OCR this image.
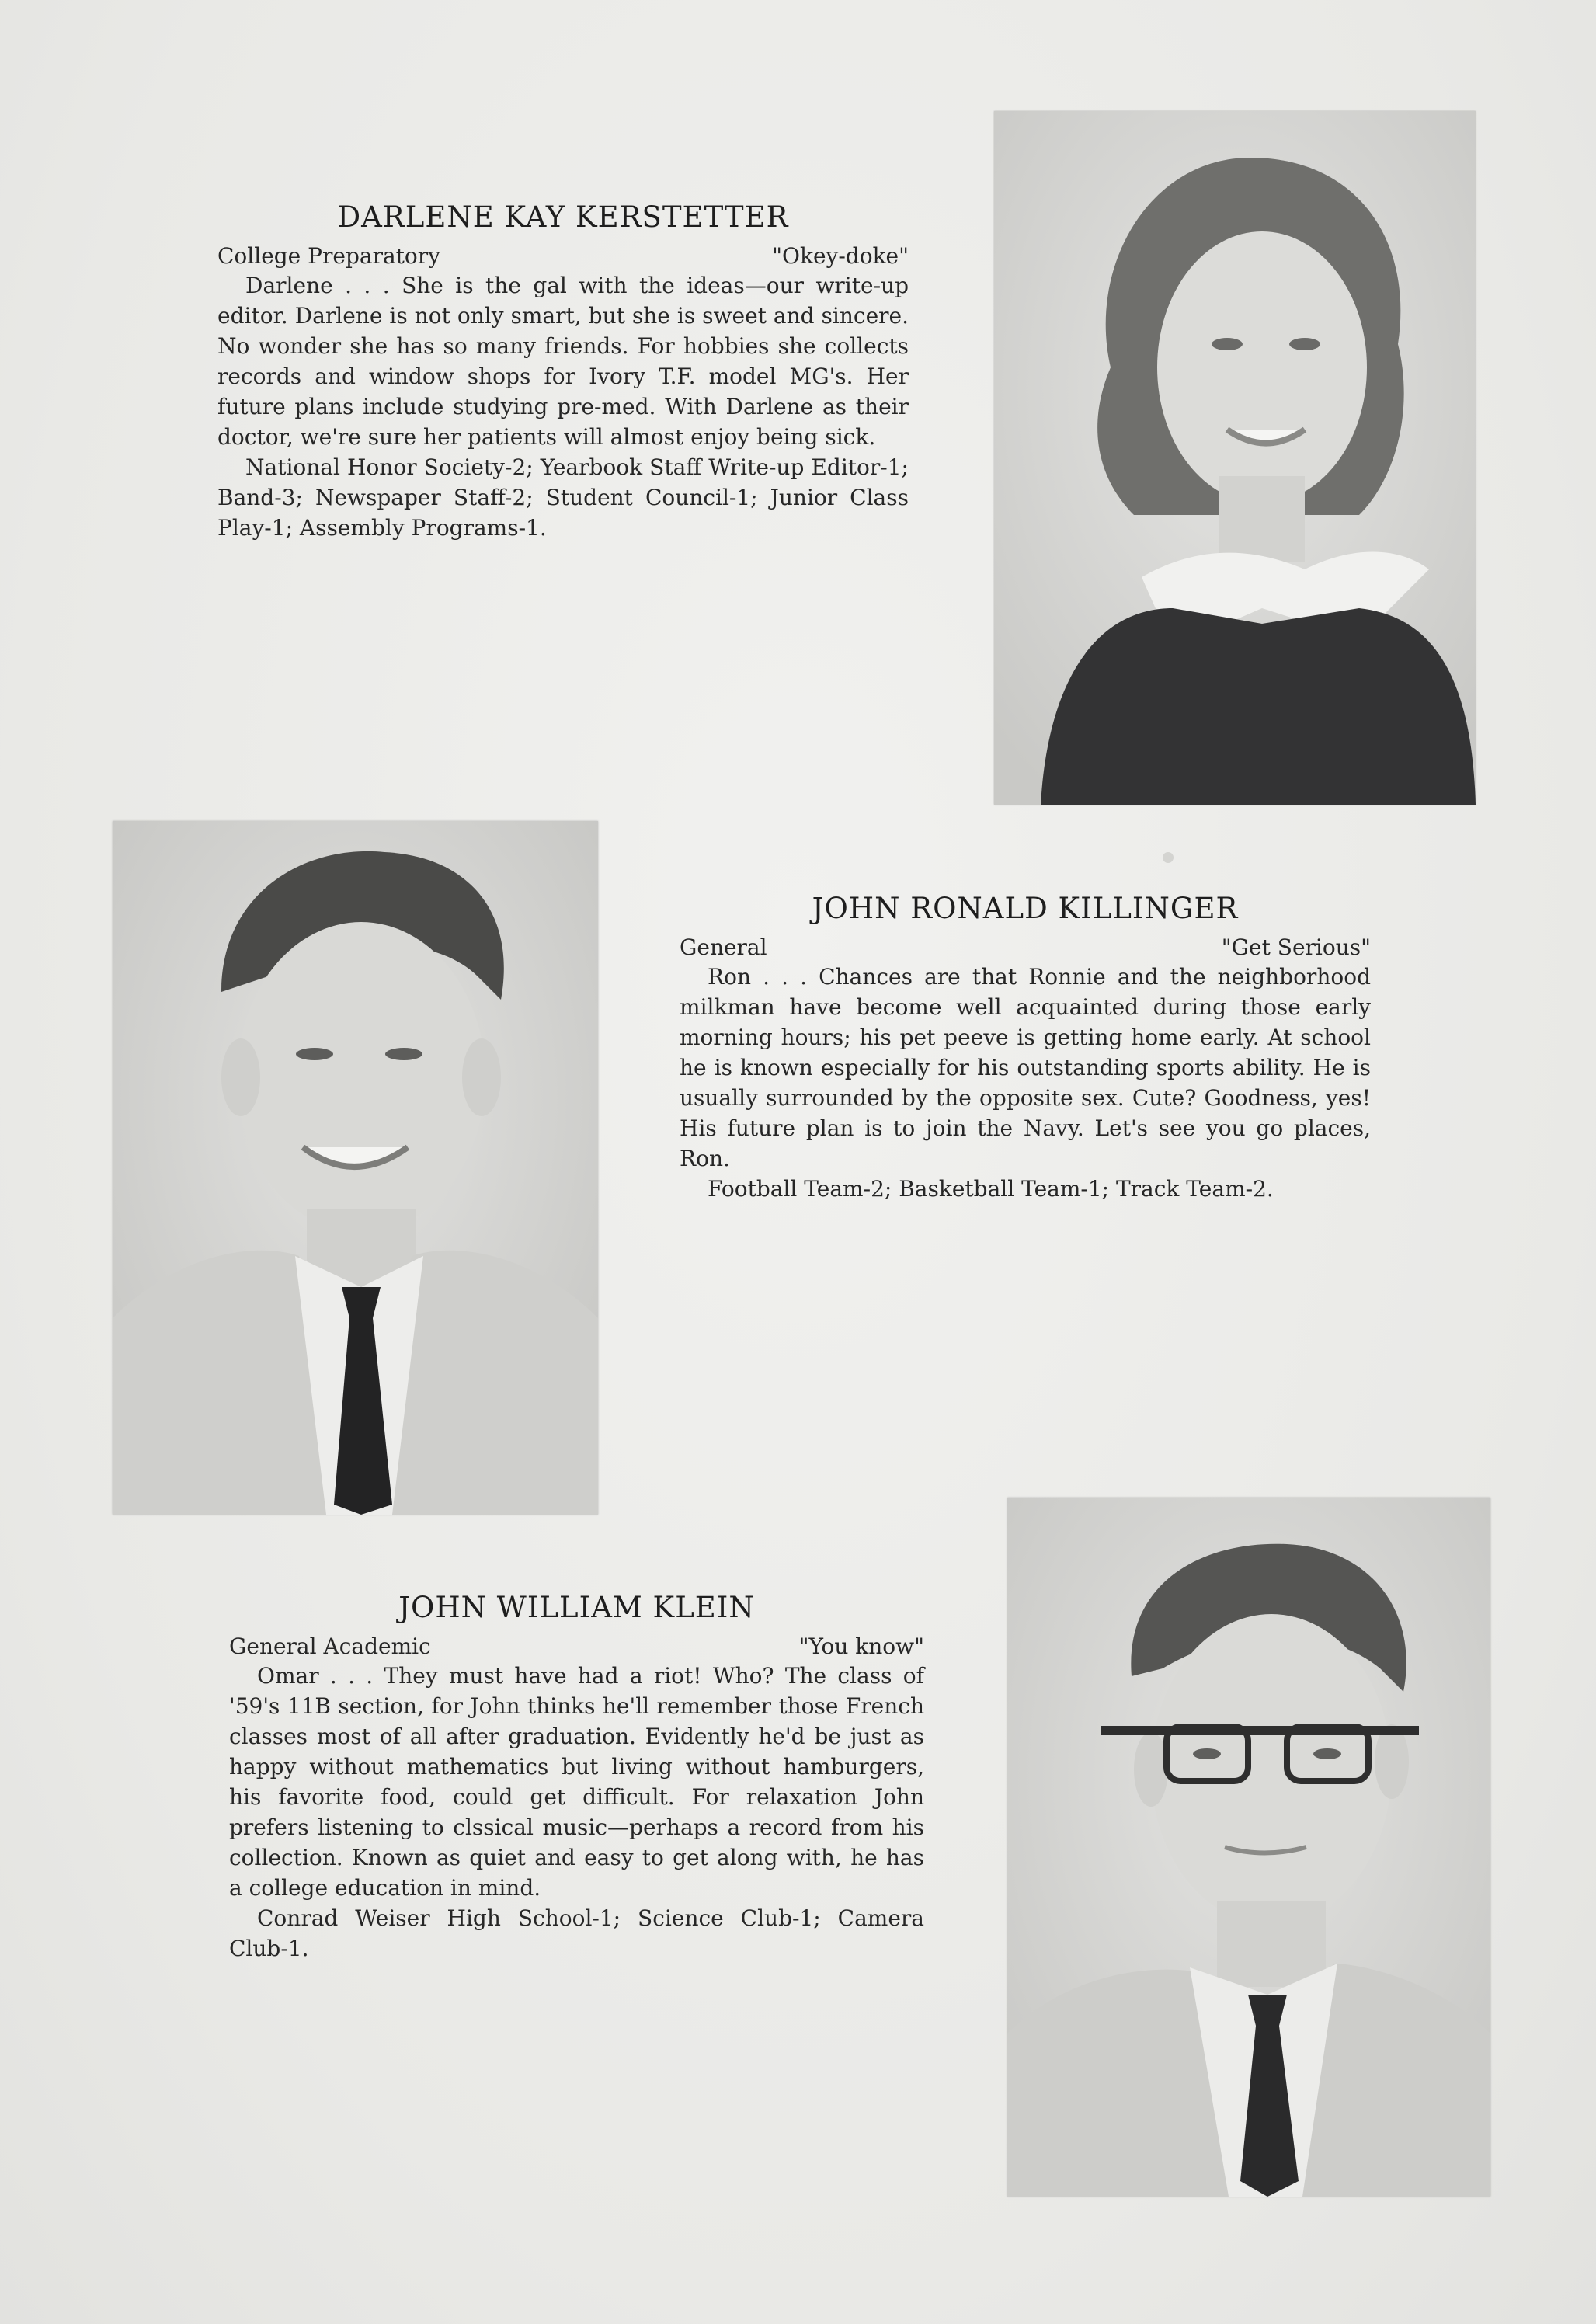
DARLENE KAY KERSTETTER
College Preparatory	"Okey-doke"

Darlene . . . She is the gal with the ideas—our write-up editor. Darlene is not only smart, but she is sweet and sincere. No wonder she has so many friends. For hobbies she collects records and window shops for Ivory T.F. model MG's. Her future plans include studying pre-med. With Darlene as their doctor, we're sure her patients will almost enjoy being sick.

National Honor Society-2; Yearbook Staff Write-up Editor-1; Band-3; Newspaper Staff-2; Student Council-1; Junior Class Play-1; Assembly Programs-1.

JOHN RONALD KILLINGER
General	"Get Serious"

Ron . . . Chances are that Ronnie and the neighborhood milkman have become well acquainted during those early morning hours; his pet peeve is getting home early. At school he is known especially for his outstanding sports ability. He is usually surrounded by the opposite sex. Cute? Goodness, yes! His future plan is to join the Navy. Let's see you go places, Ron.

Football Team-2; Basketball Team-1; Track Team-2.

JOHN WILLIAM KLEIN
General Academic	"You know"

Omar . . . They must have had a riot! Who? The class of '59's 11B section, for John thinks he'll remember those French classes most of all after graduation. Evidently he'd be just as happy without mathematics but living without hamburgers, his favorite food, could get difficult. For relaxation John prefers listening to clssical music—perhaps a record from his collection. Known as quiet and easy to get along with, he has a college education in mind.

Conrad Weiser High School-1; Science Club-1; Camera Club-1.
